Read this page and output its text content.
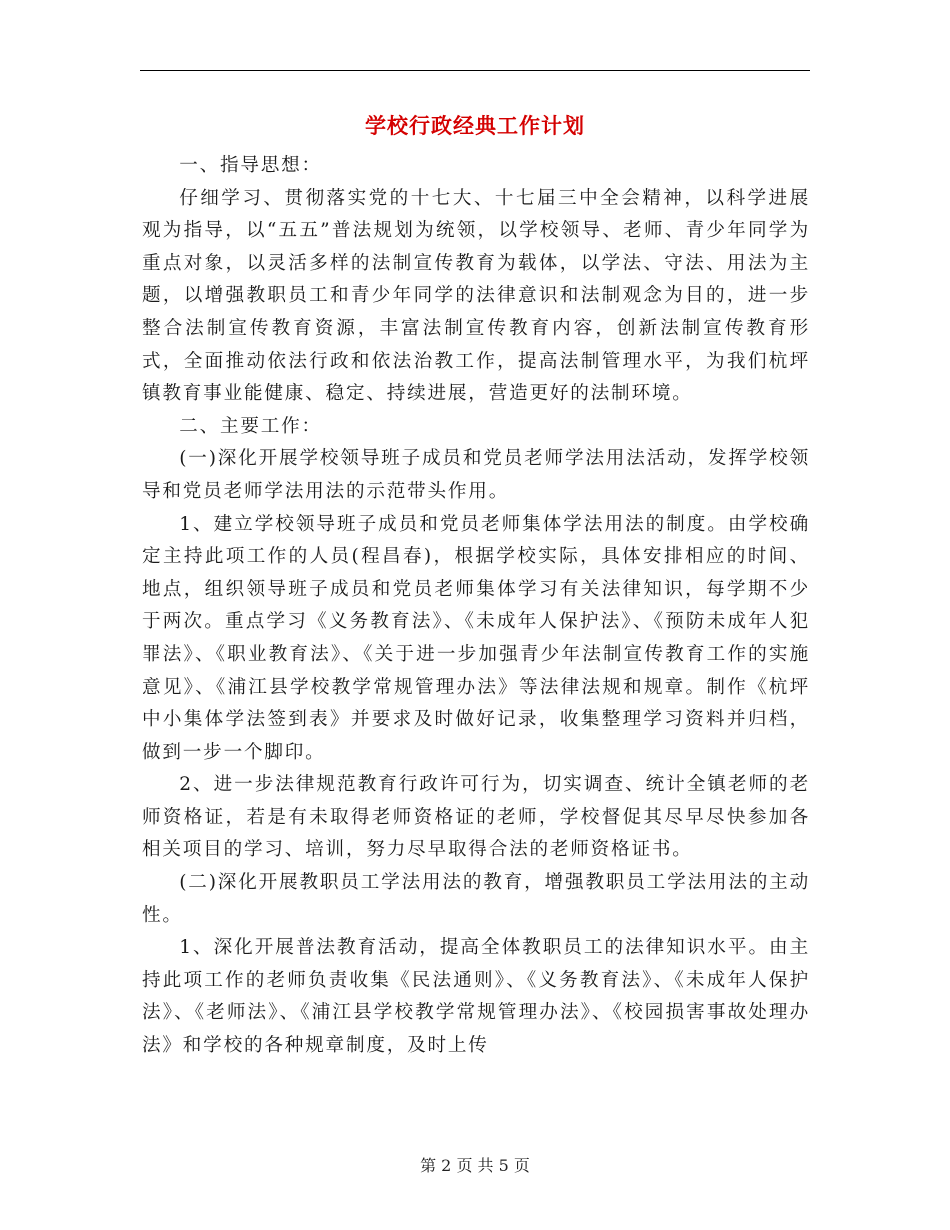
学校行政经典工作计划

一、指导思想：

仔细学习、贯彻落实党的十七大、十七届三中全会精神，以科学进展观为指导，以“五五”普法规划为统领，以学校领导、老师、青少年同学为重点对象，以灵活多样的法制宣传教育为载体，以学法、守法、用法为主题，以增强教职员工和青少年同学的法律意识和法制观念为目的，进一步整合法制宣传教育资源，丰富法制宣传教育内容，创新法制宣传教育形式，全面推动依法行政和依法治教工作，提高法制管理水平，为我们杭坪镇教育事业能健康、稳定、持续进展，营造更好的法制环境。

二、主要工作：

(一)深化开展学校领导班子成员和党员老师学法用法活动，发挥学校领导和党员老师学法用法的示范带头作用。

1、建立学校领导班子成员和党员老师集体学法用法的制度。由学校确定主持此项工作的人员(程昌春)，根据学校实际，具体安排相应的时间、地点，组织领导班子成员和党员老师集体学习有关法律知识，每学期不少于两次。重点学习《义务教育法》、《未成年人保护法》、《预防未成年人犯罪法》、《职业教育法》、《关于进一步加强青少年法制宣传教育工作的实施意见》、《浦江县学校教学常规管理办法》等法律法规和规章。制作《杭坪中小集体学法签到表》并要求及时做好记录，收集整理学习资料并归档，做到一步一个脚印。

2、进一步法律规范教育行政许可行为，切实调查、统计全镇老师的老师资格证，若是有未取得老师资格证的老师，学校督促其尽早尽快参加各相关项目的学习、培训，努力尽早取得合法的老师资格证书。

(二)深化开展教职员工学法用法的教育，增强教职员工学法用法的主动性。

1、深化开展普法教育活动，提高全体教职员工的法律知识水平。由主持此项工作的老师负责收集《民法通则》、《义务教育法》、《未成年人保护法》、《老师法》、《浦江县学校教学常规管理办法》、《校园损害事故处理办法》和学校的各种规章制度，及时上传

第 2 页 共 5 页
